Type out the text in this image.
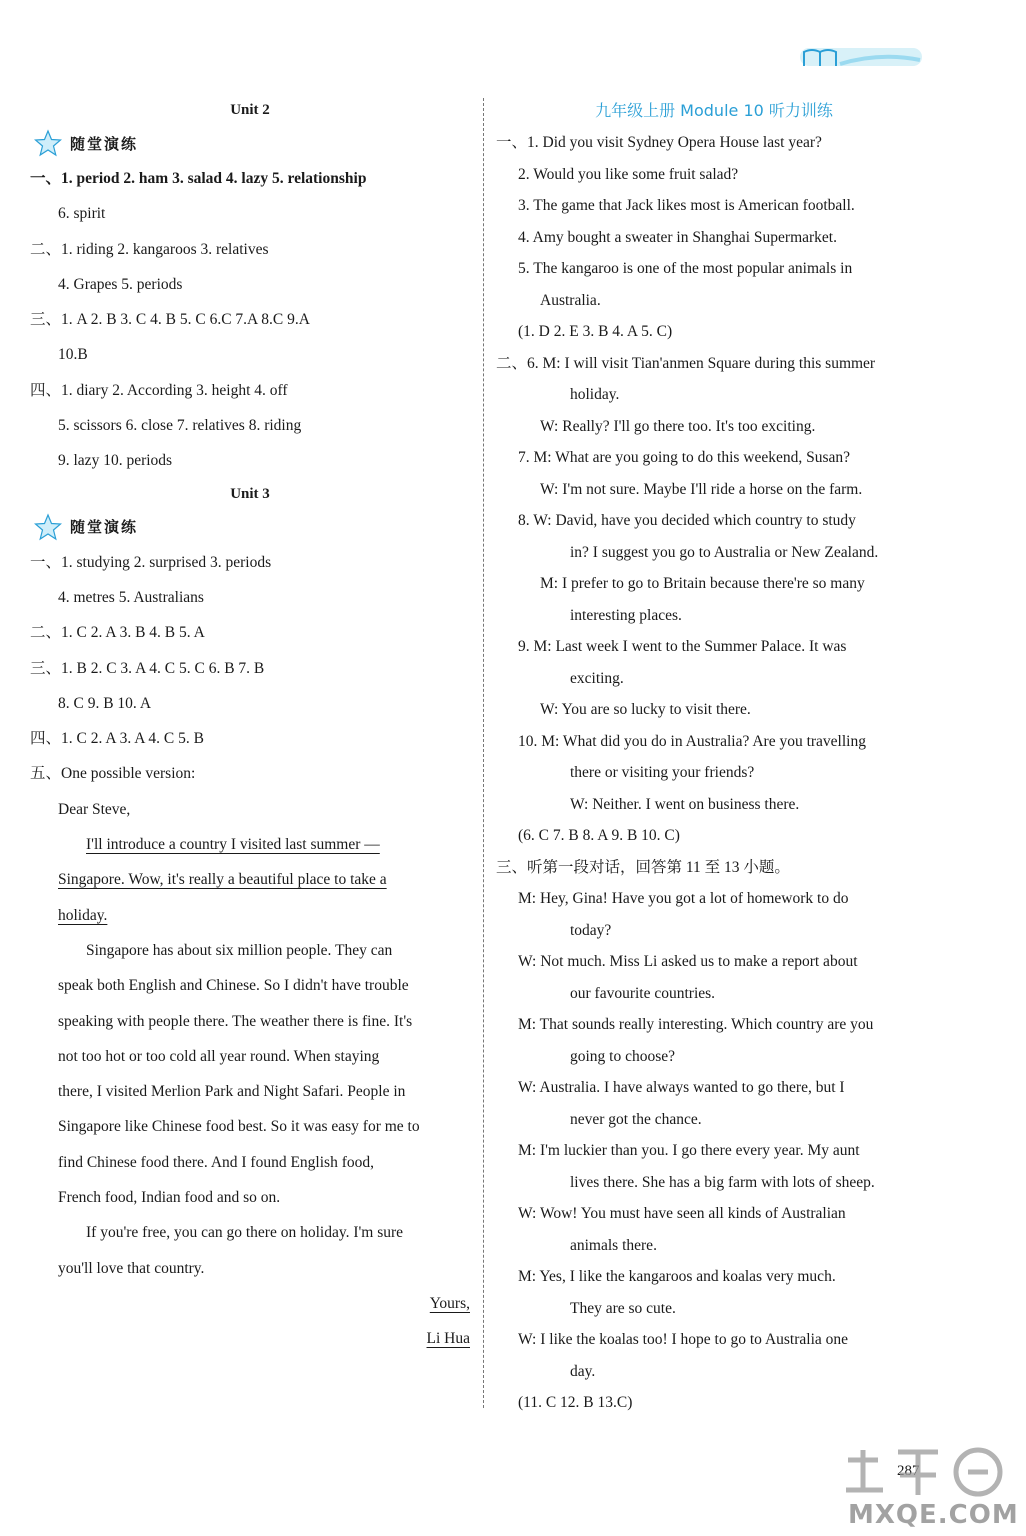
Unit 2
随堂演练
一、1. period 2. ham 3. salad 4. lazy 5. relationship
6. spirit
二、1. riding 2. kangaroos 3. relatives
4. Grapes 5. periods
三、1. A 2. B 3. C 4. B 5. C 6.C 7.A 8.C 9.A
10.B
四、1. diary 2. According 3. height 4. off
5. scissors 6. close 7. relatives 8. riding
9. lazy 10. periods
Unit 3
随堂演练
一、1. studying 2. surprised 3. periods
4. metres 5. Australians
二、1. C 2. A 3. B 4. B 5. A
三、1. B 2. C 3. A 4. C 5. C 6. B 7. B
8. C 9. B 10. A
四、1. C 2. A 3. A 4. C 5. B
五、One possible version:
Dear Steve,
I'll introduce a country I visited last summer —
Singapore. Wow, it's really a beautiful place to take a
holiday.
Singapore has about six million people. They can
speak both English and Chinese. So I didn't have trouble
speaking with people there. The weather there is fine. It's
not too hot or too cold all year round. When staying
there, I visited Merlion Park and Night Safari. People in
Singapore like Chinese food best. So it was easy for me to
find Chinese food there. And I found English food,
French food, Indian food and so on.
If you're free, you can go there on holiday. I'm sure
you'll love that country.
Yours,
Li Hua
九年级上册 Module 10 听力训练
一、1. Did you visit Sydney Opera House last year?
2. Would you like some fruit salad?
3. The game that Jack likes most is American football.
4. Amy bought a sweater in Shanghai Supermarket.
5. The kangaroo is one of the most popular animals in
Australia.
(1. D 2. E 3. B 4. A 5. C)
二、6. M: I will visit Tian'anmen Square during this summer
holiday.
W: Really? I'll go there too. It's too exciting.
7. M: What are you going to do this weekend, Susan?
W: I'm not sure. Maybe I'll ride a horse on the farm.
8. W: David, have you decided which country to study
in? I suggest you go to Australia or New Zealand.
M: I prefer to go to Britain because there're so many
interesting places.
9. M: Last week I went to the Summer Palace. It was
exciting.
W: You are so lucky to visit there.
10. M: What did you do in Australia? Are you travelling
there or visiting your friends?
W: Neither. I went on business there.
(6. C 7. B 8. A 9. B 10. C)
三、听第一段对话，回答第 11 至 13 小题。
M: Hey, Gina! Have you got a lot of homework to do
today?
W: Not much. Miss Li asked us to make a report about
our favourite countries.
M: That sounds really interesting. Which country are you
going to choose?
W: Australia. I have always wanted to go there, but I
never got the chance.
M: I'm luckier than you. I go there every year. My aunt
lives there. She has a big farm with lots of sheep.
W: Wow! You must have seen all kinds of Australian
animals there.
M: Yes, I like the kangaroos and koalas very much.
They are so cute.
W: I like the koalas too! I hope to go to Australia one
day.
(11. C 12. B 13.C)
287
MXQE.COM
